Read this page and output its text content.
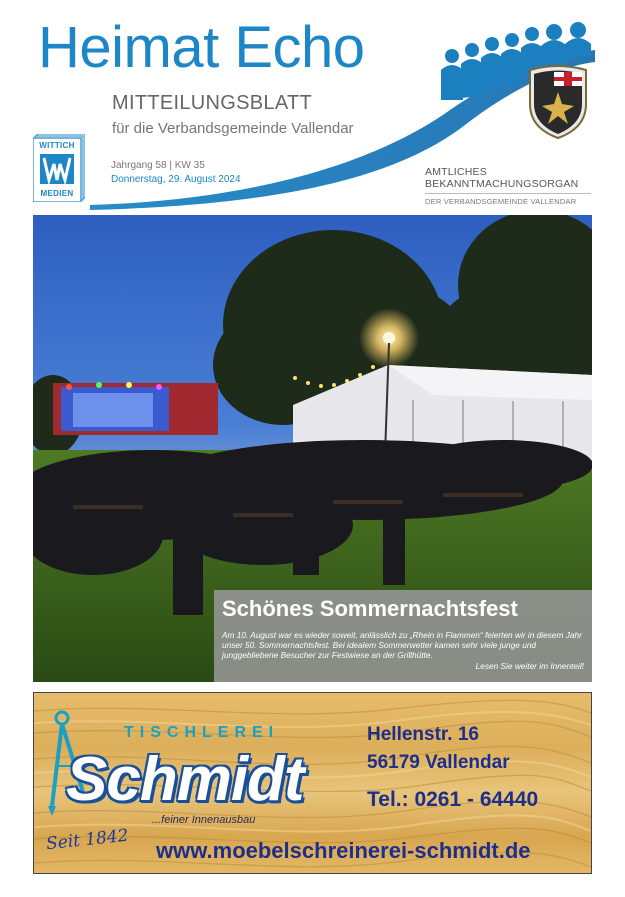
Heimat Echo
MITTEILUNGSBLATT
für die Verbandsgemeinde Vallendar
Jahrgang 58 | KW 35
Donnerstag, 29. August 2024
AMTLICHES
BEKANNTMACHUNGSORGAN
DER VERBANDSGEMEINDE VALLENDAR
WITTICH
MEDIEN
Schönes Sommernachtsfest
Am 10. August war es wieder soweit, anlässlich zu „Rhein in Flammen“ feierten wir in diesem Jahr unser 50. Sommernachtsfest. Bei idealem Sommerwetter kamen sehr viele junge und junggebliebene Besucher zur Festwiese an der Grillhütte.
Lesen Sie weiter im Innenteil!
TISCHLEREI
Schmidt
...feiner Innenausbau
Seit 1842
Hellenstr. 16
56179 Vallendar
Tel.: 0261 - 64440
www.moebelschreinerei-schmidt.de
